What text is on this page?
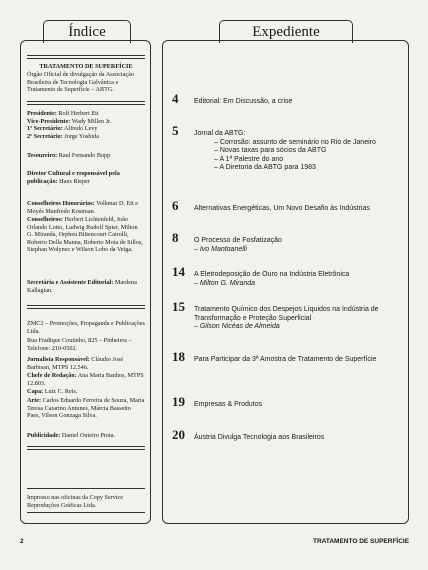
Índice	Expediente
TRATAMENTO DE SUPERFÍCIE
Órgão Oficial de divulgação da Associação Brasileira de Tecnologia Galvânica e Tratamento de Superfície – ABTG.
Presidente: Rolf Herbert Ett
Vice-Presidente: Wady Millen Jr.
1º Secretário: Alfredo Levy
2º Secretário: Jorge Yoshida
Tesoureiro: Raul Fernando Bopp
Diretor Cultural e responsável pela publicação: Hans Rieper
Conselheiros Honorários: Volkmar D. Ett e Moyés Manfredo Kostman.
Conselheiros: Herbert Lichtenfeld, João Orlando Lotto, Ludwig Rudolf Spier, Milton G. Miranda, Orpheu Bittencourt Cairolli, Roberto Della Manna, Roberto Mota de Sillos, Stephan Wolynec e Wilson Lobo da Veiga.
Secretária e Assistente Editorial: Mardena Kallagian.
ZMC2 – Promoções, Propaganda e Publicações Ltda.
Rua Fradique Coutinho, 825 – Pinheiros – Telefone: 210-0502.
Jornalista Responsável: Cláudio José Barbisan, MTPS 12.546.
Chefe de Redação: Ana Maria Banhos, MTPS 12.803.
Capa: Luiz C. Reis.
Arte: Carlos Eduardo Ferreira de Souza, Maria Teresa Catarino Antunes, Márcia Bassetto Paes, Vilson Gonzaga Silva.
Publicidade: Daniel Outeiro Prota.
Impresso nas oficinas da Copy Service Reproduções Gráficas Ltda.
4 Editorial: Em Discussão, a crise
5 Jornal da ABTG:
– Corrosão: assunto de seminário no Rio de Janeiro
– Novas taxas para sócios da ABTG
– A 1ª Palestre do ano
– A Diretoria da ABTG para 1983
6 Alternativas Energéticas, Um Novo Desafio às Indústrias
8 O Processo de Fosfatização
– Ivo Mantoanelli
14 A Eletrodeposição de Ouro na Indústria Eletrônica
– Milton G. Miranda
15 Tratamento Químico dos Despejos Líquidos na Indústria de Transformação e Proteção Superficial
– Gilson Nicéas de Almeida
18 Para Participar da 3ª Amostra de Tratamento de Superfície
19 Empresas & Produtos
20 Áustria Divulga Tecnologia aos Brasileiros
2	TRATAMENTO DE SUPERFÍCIE
